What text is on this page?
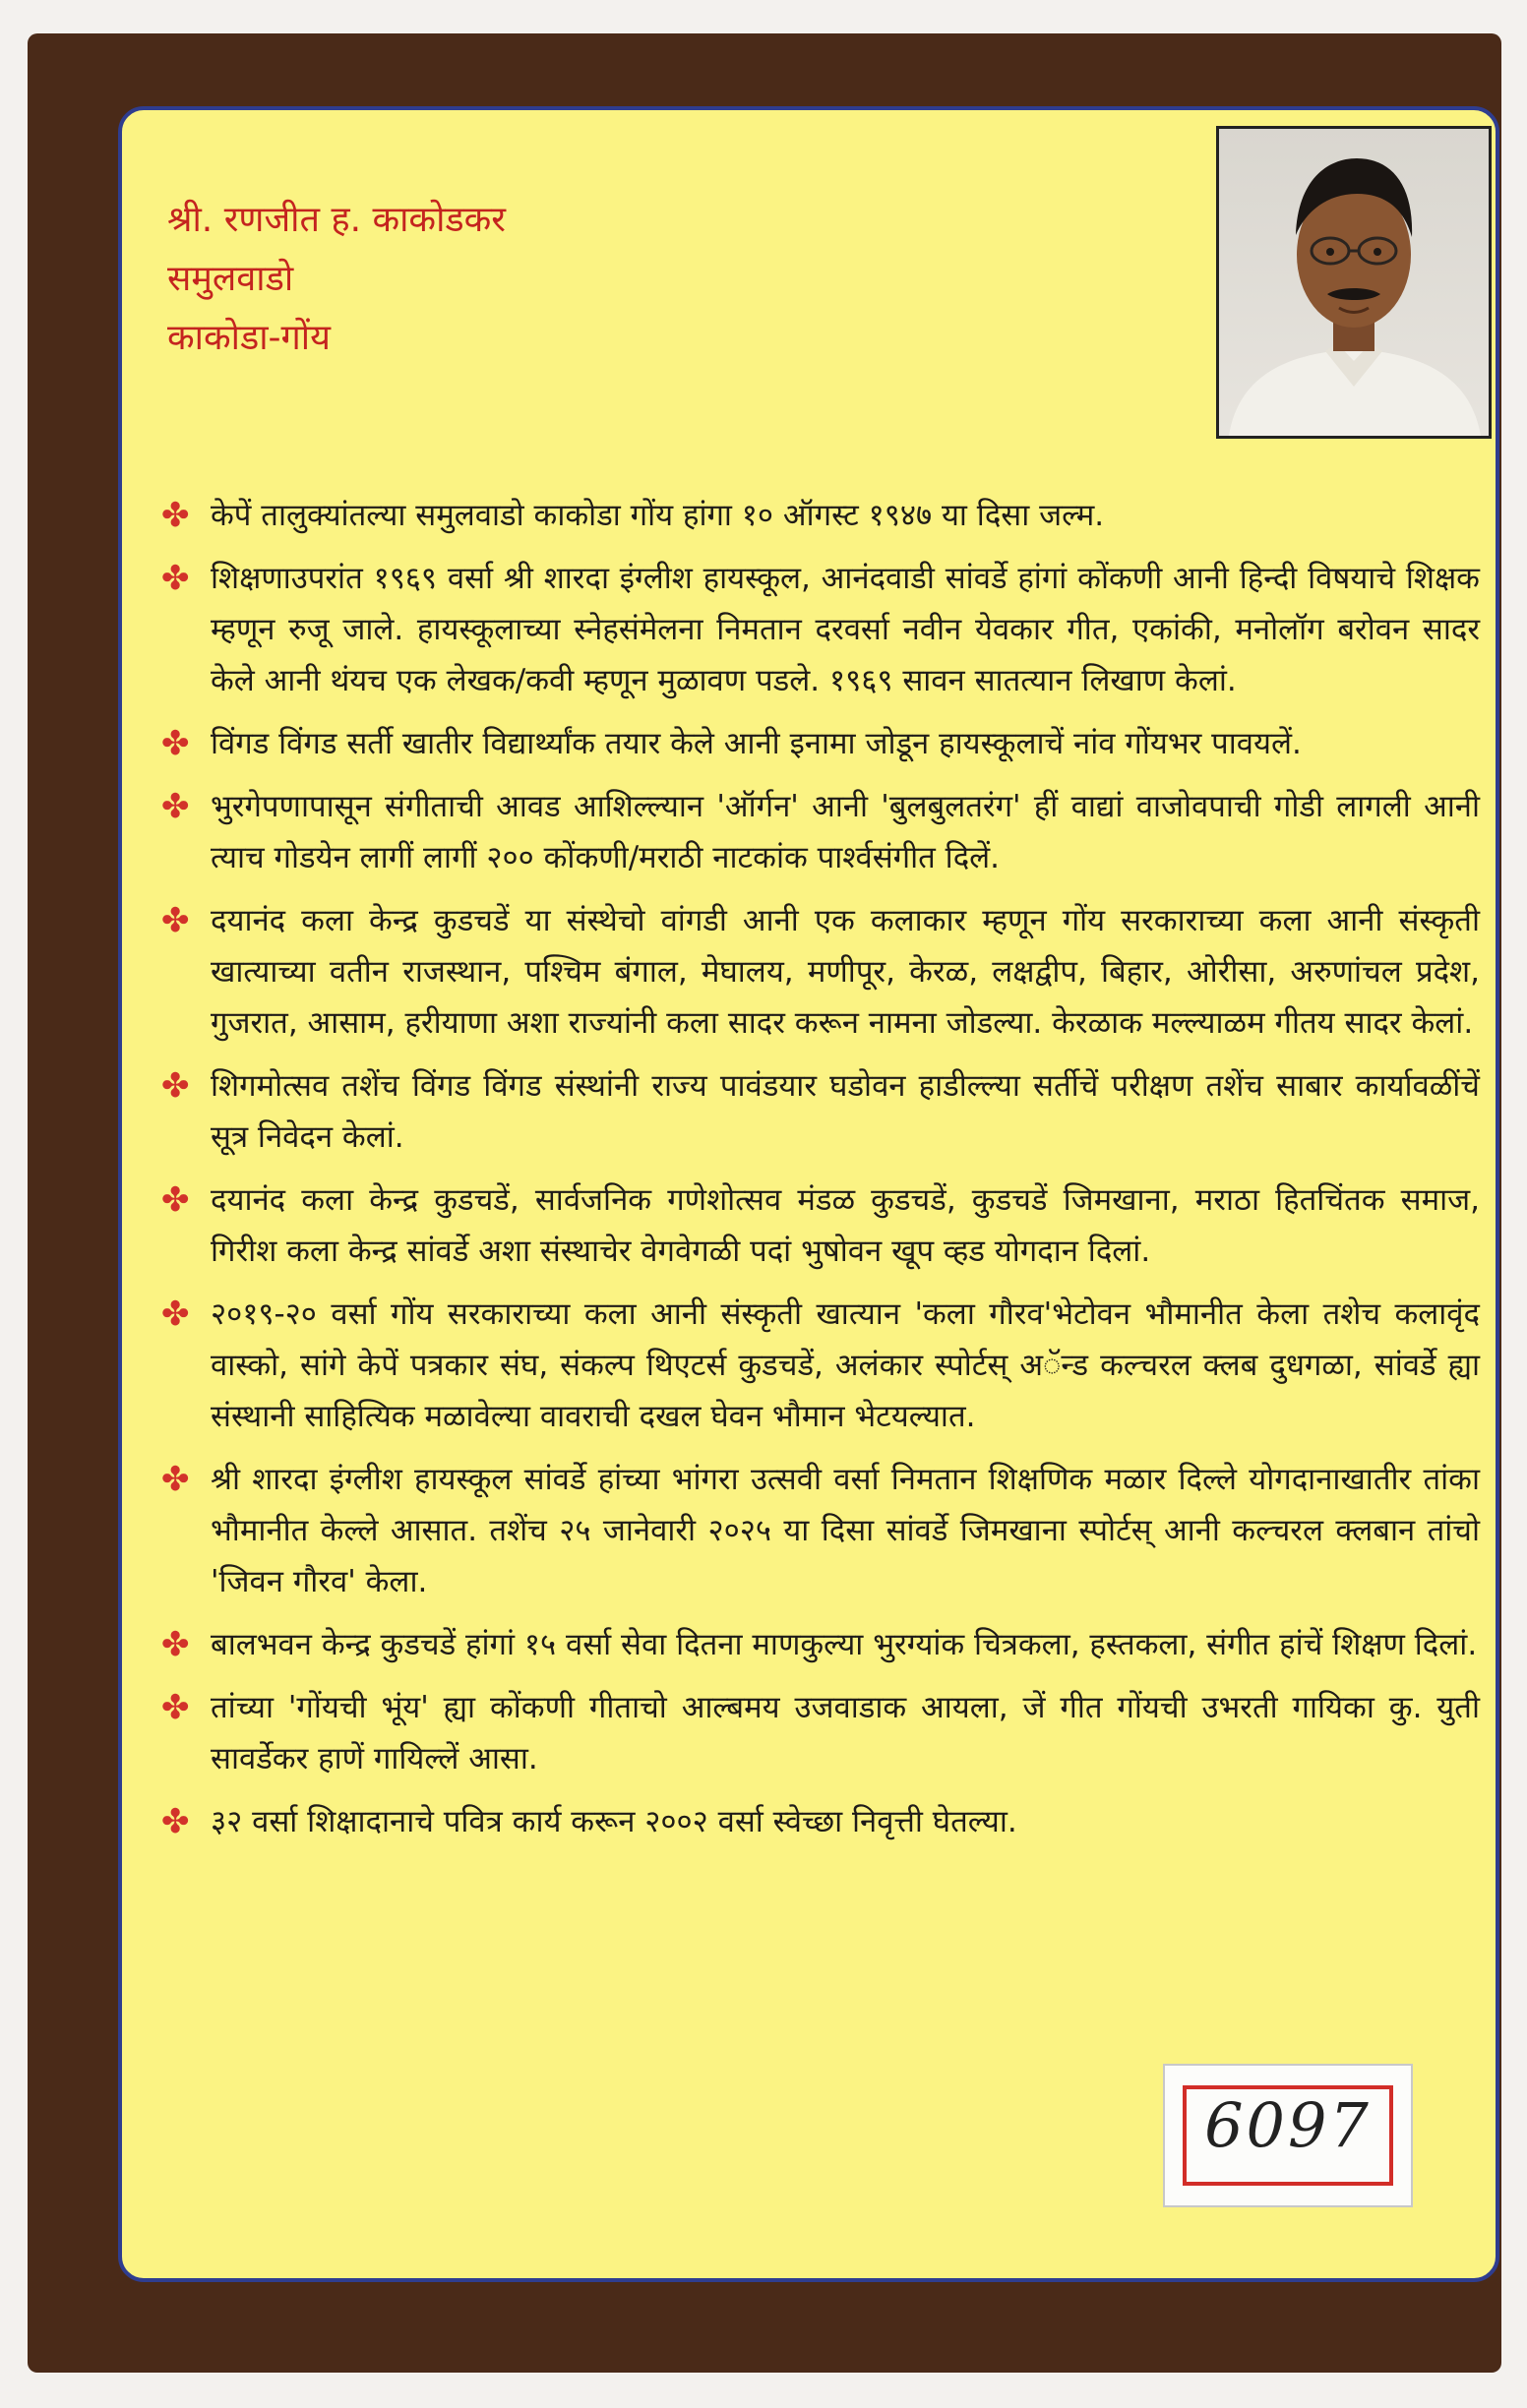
श्री. रणजीत ह. काकोडकर
समुलवाडो
काकोडा-गोंय
✤ केपें तालुक्यांतल्या समुलवाडो काकोडा गोंय हांगा १० ऑगस्ट १९४७ या दिसा जल्म.
✤ शिक्षणाउपरांत १९६९ वर्सा श्री शारदा इंग्लीश हायस्कूल, आनंदवाडी सांवर्डे हांगां कोंकणी आनी हिन्दी विषयाचे शिक्षक म्हणून रुजू जाले. हायस्कूलाच्या स्नेहसंमेलना निमतान दरवर्सा नवीन येवकार गीत, एकांकी, मनोलॉग बरोवन सादर केले आनी थंयच एक लेखक/कवी म्हणून मुळावण पडले. १९६९ सावन सातत्यान लिखाण केलां.
✤ विंगड विंगड सर्ती खातीर विद्यार्थ्यांक तयार केले आनी इनामा जोडून हायस्कूलाचें नांव गोंयभर पावयलें.
✤ भुरगेपणापासून संगीताची आवड आशिल्ल्यान 'ऑर्गन' आनी 'बुलबुलतरंग' हीं वाद्यां वाजोवपाची गोडी लागली आनी त्याच गोडयेन लागीं लागीं २०० कोंकणी/मराठी नाटकांक पार्श्वसंगीत दिलें.
✤ दयानंद कला केन्द्र कुडचडें या संस्थेचो वांगडी आनी एक कलाकार म्हणून गोंय सरकाराच्या कला आनी संस्कृती खात्याच्या वतीन राजस्थान, पश्चिम बंगाल, मेघालय, मणीपूर, केरळ, लक्षद्वीप, बिहार, ओरीसा, अरुणांचल प्रदेश, गुजरात, आसाम, हरीयाणा अशा राज्यांनी कला सादर करून नामना जोडल्या. केरळाक मल्ल्याळम गीतय सादर केलां.
✤ शिगमोत्सव तशेंच विंगड विंगड संस्थांनी राज्य पावंडयार घडोवन हाडील्ल्या सर्तीचें परीक्षण तशेंच साबार कार्यावळींचें सूत्र निवेदन केलां.
✤ दयानंद कला केन्द्र कुडचडें, सार्वजनिक गणेशोत्सव मंडळ कुडचडें, कुडचडें जिमखाना, मराठा हितचिंतक समाज, गिरीश कला केन्द्र सांवर्डे अशा संस्थाचेर वेगवेगळी पदां भुषोवन खूप व्हड योगदान दिलां.
✤ २०१९-२० वर्सा गोंय सरकाराच्या कला आनी संस्कृती खात्यान 'कला गौरव'भेटोवन भौमानीत केला तशेच कलावृंद वास्को, सांगे केपें पत्रकार संघ, संकल्प थिएटर्स कुडचडें, अलंकार स्पोर्टस् अॅन्ड कल्चरल क्लब दुधगळा, सांवर्डे ह्या संस्थानी साहित्यिक मळावेल्या वावराची दखल घेवन भौमान भेटयल्यात.
✤ श्री शारदा इंग्लीश हायस्कूल सांवर्डे हांच्या भांगरा उत्सवी वर्सा निमतान शिक्षणिक मळार दिल्ले योगदानाखातीर तांका भौमानीत केल्ले आसात. तशेंच २५ जानेवारी २०२५ या दिसा सांवर्डे जिमखाना स्पोर्टस् आनी कल्चरल क्लबान तांचो 'जिवन गौरव' केला.
✤ बालभवन केन्द्र कुडचडें हांगां १५ वर्सा सेवा दितना माणकुल्या भुरग्यांक चित्रकला, हस्तकला, संगीत हांचें शिक्षण दिलां.
✤ तांच्या 'गोंयची भूंय' ह्या कोंकणी गीताचो आल्बमय उजवाडाक आयला, जें गीत गोंयची उभरती गायिका कु. युती सावर्डेकर हाणें गायिल्लें आसा.
✤ ३२ वर्सा शिक्षादानाचे पवित्र कार्य करून २००२ वर्सा स्वेच्छा निवृत्ती घेतल्या.
6097
